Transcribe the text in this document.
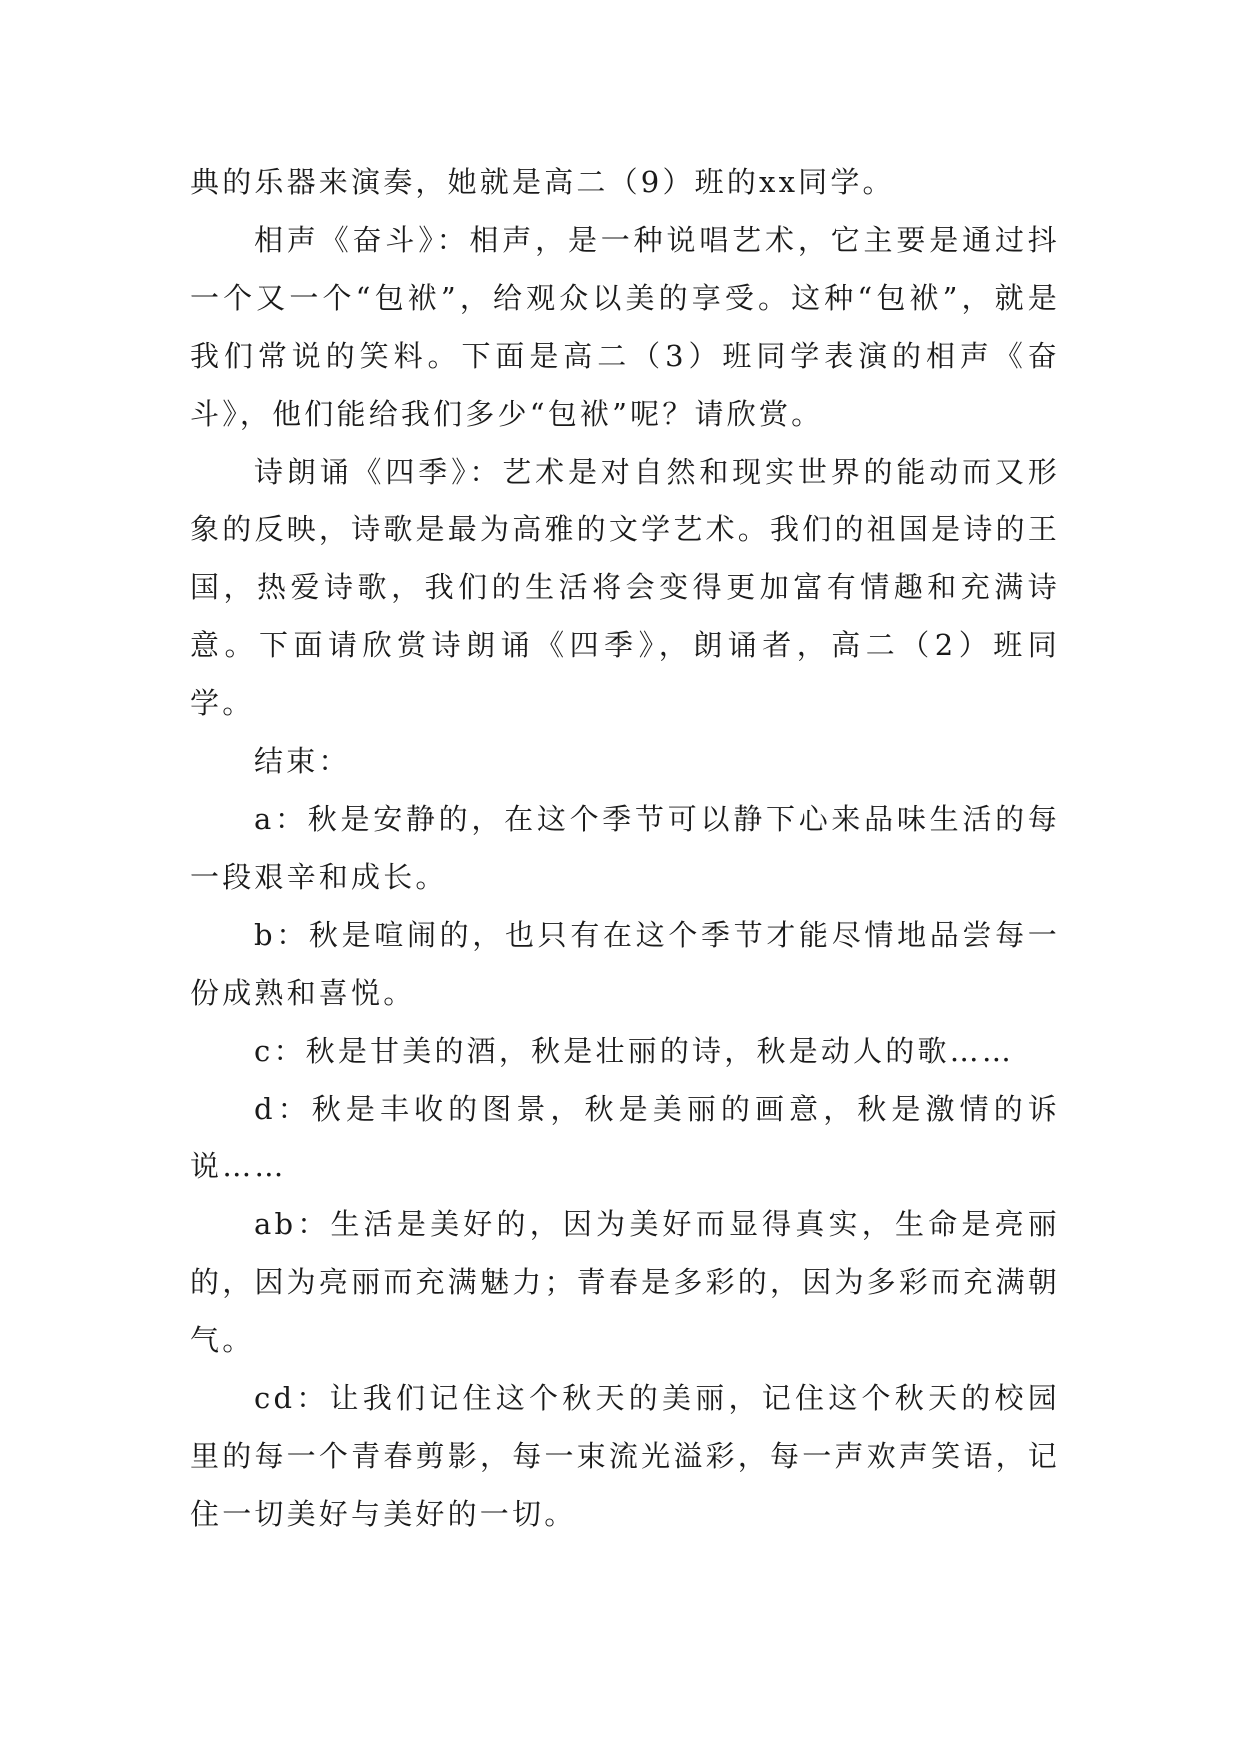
典的乐器来演奏，她就是高二（9）班的xx同学。

相声《奋斗》：相声，是一种说唱艺术，它主要是通过抖一个又一个“包袱”，给观众以美的享受。这种“包袱”，就是我们常说的笑料。下面是高二（3）班同学表演的相声《奋斗》，他们能给我们多少“包袱”呢？请欣赏。

诗朗诵《四季》：艺术是对自然和现实世界的能动而又形象的反映，诗歌是最为高雅的文学艺术。我们的祖国是诗的王国，热爱诗歌，我们的生活将会变得更加富有情趣和充满诗意。下面请欣赏诗朗诵《四季》，朗诵者，高二（2）班同学。

结束：

a：秋是安静的，在这个季节可以静下心来品味生活的每一段艰辛和成长。

b：秋是喧闹的，也只有在这个季节才能尽情地品尝每一份成熟和喜悦。

c：秋是甘美的酒，秋是壮丽的诗，秋是动人的歌……

d：秋是丰收的图景，秋是美丽的画意，秋是激情的诉说……

ab：生活是美好的，因为美好而显得真实，生命是亮丽的，因为亮丽而充满魅力；青春是多彩的，因为多彩而充满朝气。

cd：让我们记住这个秋天的美丽，记住这个秋天的校园里的每一个青春剪影，每一束流光溢彩，每一声欢声笑语，记住一切美好与美好的一切。
